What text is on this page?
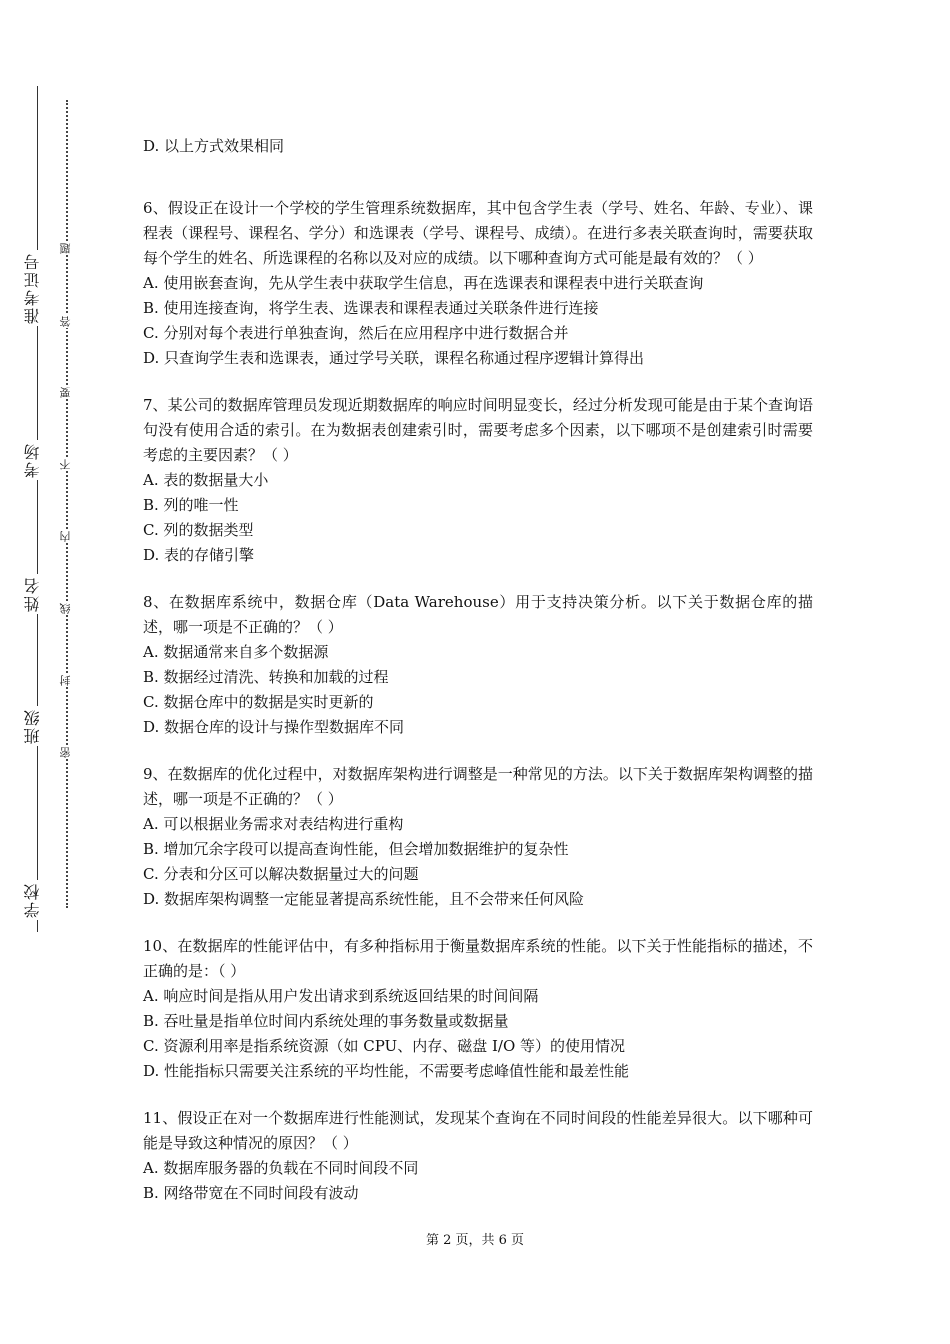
准考证号
考场
姓名
班级
学校
题
答
要
不
内
线
封
密

D. 以上方式效果相同

6、假设正在设计一个学校的学生管理系统数据库，其中包含学生表（学号、姓名、年龄、专业）、课程表（课程号、课程名、学分）和选课表（学号、课程号、成绩）。在进行多表关联查询时，需要获取每个学生的姓名、所选课程的名称以及对应的成绩。以下哪种查询方式可能是最有效的？（ ）

A. 使用嵌套查询，先从学生表中获取学生信息，再在选课表和课程表中进行关联查询

B. 使用连接查询，将学生表、选课表和课程表通过关联条件进行连接

C. 分别对每个表进行单独查询，然后在应用程序中进行数据合并

D. 只查询学生表和选课表，通过学号关联，课程名称通过程序逻辑计算得出

7、某公司的数据库管理员发现近期数据库的响应时间明显变长，经过分析发现可能是由于某个查询语句没有使用合适的索引。在为数据表创建索引时，需要考虑多个因素，以下哪项不是创建索引时需要考虑的主要因素？（ ）

A. 表的数据量大小

B. 列的唯一性

C. 列的数据类型

D. 表的存储引擎

8、在数据库系统中，数据仓库（Data Warehouse）用于支持决策分析。以下关于数据仓库的描述，哪一项是不正确的？（ ）

A. 数据通常来自多个数据源

B. 数据经过清洗、转换和加载的过程

C. 数据仓库中的数据是实时更新的

D. 数据仓库的设计与操作型数据库不同

9、在数据库的优化过程中，对数据库架构进行调整是一种常见的方法。以下关于数据库架构调整的描述，哪一项是不正确的？（ ）

A. 可以根据业务需求对表结构进行重构

B. 增加冗余字段可以提高查询性能，但会增加数据维护的复杂性

C. 分表和分区可以解决数据量过大的问题

D. 数据库架构调整一定能显著提高系统性能，且不会带来任何风险

10、在数据库的性能评估中，有多种指标用于衡量数据库系统的性能。以下关于性能指标的描述，不正确的是：（ ）

A. 响应时间是指从用户发出请求到系统返回结果的时间间隔

B. 吞吐量是指单位时间内系统处理的事务数量或数据量

C. 资源利用率是指系统资源（如 CPU、内存、磁盘 I/O 等）的使用情况

D. 性能指标只需要关注系统的平均性能，不需要考虑峰值性能和最差性能

11、假设正在对一个数据库进行性能测试，发现某个查询在不同时间段的性能差异很大。以下哪种可能是导致这种情况的原因？（ ）

A. 数据库服务器的负载在不同时间段不同

B. 网络带宽在不同时间段有波动

第 2 页，共 6 页
